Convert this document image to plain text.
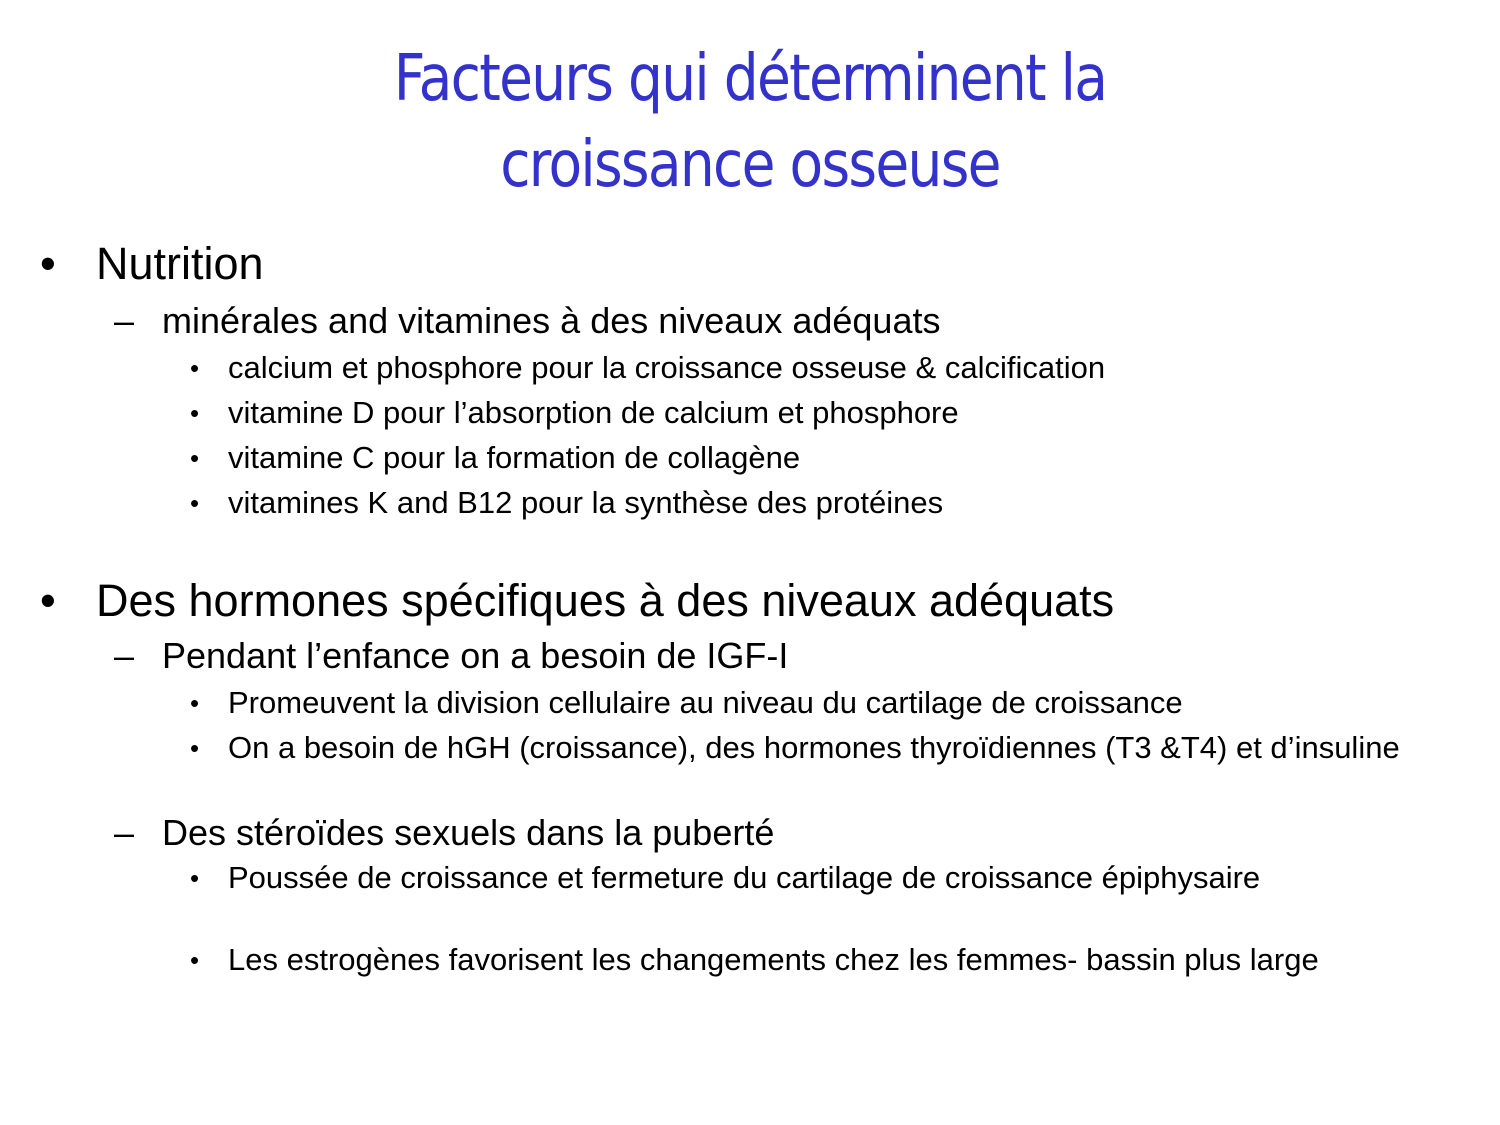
Facteurs qui déterminent la
croissance osseuse
• Nutrition
– minérales and vitamines à des niveaux adéquats
• calcium et phosphore pour la croissance osseuse & calcification
• vitamine D pour l’absorption de calcium et phosphore
• vitamine C pour la formation de collagène
• vitamines K and B12 pour la synthèse des protéines
• Des hormones spécifiques à des niveaux adéquats
– Pendant l’enfance on a besoin de IGF-I
• Promeuvent la division cellulaire au niveau du cartilage de croissance
• On a besoin de hGH (croissance), des hormones thyroïdiennes (T3 &T4) et d’insuline
– Des stéroïdes sexuels dans la puberté
• Poussée de croissance et fermeture du cartilage de croissance épiphysaire
• Les estrogènes favorisent les changements chez les femmes- bassin plus large
